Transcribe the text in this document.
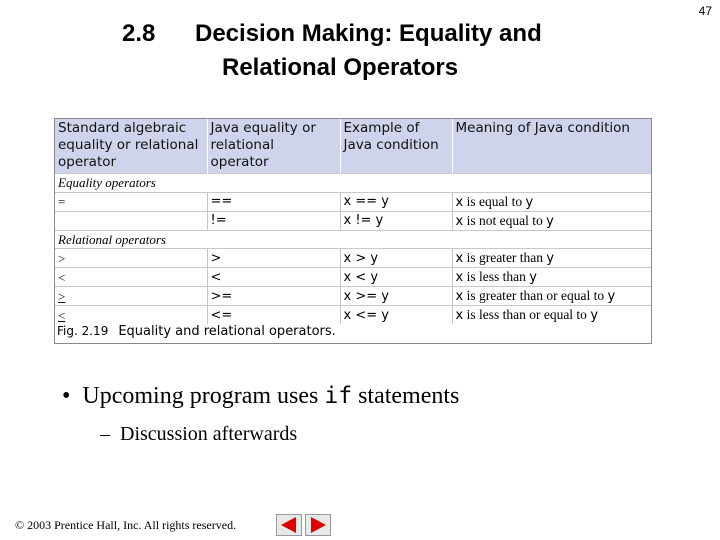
47
2.8 Decision Making: Equality and
Relational Operators
Standard algebraic equality or relational operator	Java equality or relational operator	Example of Java condition	Meaning of Java condition
Equality operators			
=	==	x == y	x is equal to y
	!=	x != y	x is not equal to y
Relational operators			
>	>	x > y	x is greater than y
<	<	x < y	x is less than y
>	>=	x >= y	x is greater than or equal to y
<	<=	x <= y	x is less than or equal to y
Fig. 2.19 Equality and relational operators.
•  Upcoming program uses if statements
–  Discussion afterwards
© 2003 Prentice Hall, Inc. All rights reserved.
